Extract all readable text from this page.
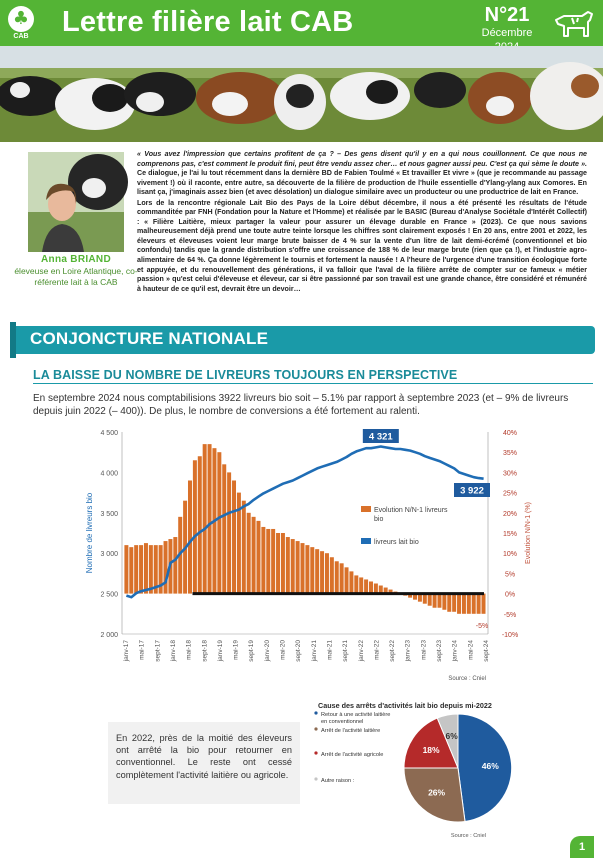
♣
CAB Lettre filière lait CAB	N°21
Décembre
Anna BRIAND
éleveuse en Loire Atlantique, co-référente lait à la CAB

« Vous avez l'impression que certains profitent de ça ? – Des gens disent qu'il y en a qui nous couillonnent. Ce que nous ne comprenons pas, c'est comment le produit fini, peut être vendu assez cher… et nous gagner aussi peu. C'est ça qui sème le doute ». Ce dialogue, je l'ai lu tout récemment dans la dernière BD de Fabien Toulmé « Et travailler Et vivre » (que je recommande au passage vivement !) où il raconte, entre autre, sa découverte de la filière de production de l'huile essentielle d'Ylang-ylang aux Comores. En lisant ça, j'imaginais assez bien (et avec désolation) un dialogue similaire avec un producteur ou une productrice de lait en France.

Lors de la rencontre régionale Lait Bio des Pays de la Loire début décembre, il nous a été présenté les résultats de l'étude commanditée par FNH (Fondation pour la Nature et l'Homme) et réalisée par le BASIC (Bureau d'Analyse Sociétale d'Intérêt Collectif) : « Filière Laitière, mieux partager la valeur pour assurer un élevage durable en France » (2023). Ce que nous savions malheureusement déjà prend une toute autre teinte lorsque les chiffres sont clairement exposés ! En 20 ans, entre 2001 et 2022, les éleveurs et éleveuses voient leur marge brute baisser de 4 % sur la vente d'un litre de lait demi-écrémé (conventionnel et bio confondu) tandis que la grande distribution s'offre une croissance de 188 % de leur marge brute (rien que ça !), et l'industrie agro-alimentaire de 64 %. Ça donne légèrement le tournis et fortement la nausée ! A l'heure de l'urgence d'une transition écologique forte et appuyée, et du renouvellement des générations, il va falloir que l'aval de la filière arrête de compter sur ce fameux « métier passion » qu'est celui d'éleveuse et éleveur, car si être passionné par son travail est une grande chance, être considéré et rémunéré à hauteur de ce qu'il est, devrait être un devoir…

CONJONCTURE NATIONALE
LA BAISSE DU NOMBRE DE LIVREURS TOUJOURS EN PERSPECTIVE
En septembre 2024 nous comptabilisions 3922 livreurs bio soit – 5.1% par rapport à septembre 2023 (et – 9% de livreurs depuis juin 2022 (– 400)). De plus, le nombre de conversions a été fortement au ralenti.
4 500
4 000
3 500
3 000
2 500
2 000
40%
35%
30%
25%
20%
15%
10%
5%
0%
-5%
-10%
Nombre de livreurs bio	Evolution N/N-1 (%)
janv-17 mai-17 sept-17 janv-18 mai-18 sept-18 janv-19 mai-19 sept-19 janv-20 mai-20 sept-20 janv-21 mai-21 sept-21 janv-22 mai-22 sept-22 janv-23 mai-23 sept-23 janv-24 mai-24 sept-24
Evolution N/N-1 livreurs
bio
livreurs lait bio
4 321
3 922
-5%
Source : Cniel
En 2022, près de la moitié des éleveurs ont arrêté la bio pour retourner en conventionnel. Le reste ont cessé complètement l'activité laitière ou agricole.
Cause des arrêts d'activités lait bio depuis mi-2022
46%
26%
18%
6%
Retour à une activité laitière
en conventionnel
Arrêt de l'activité laitière
Arrêt de l'activité agricole
Autre raison :
Source : Cniel
1
